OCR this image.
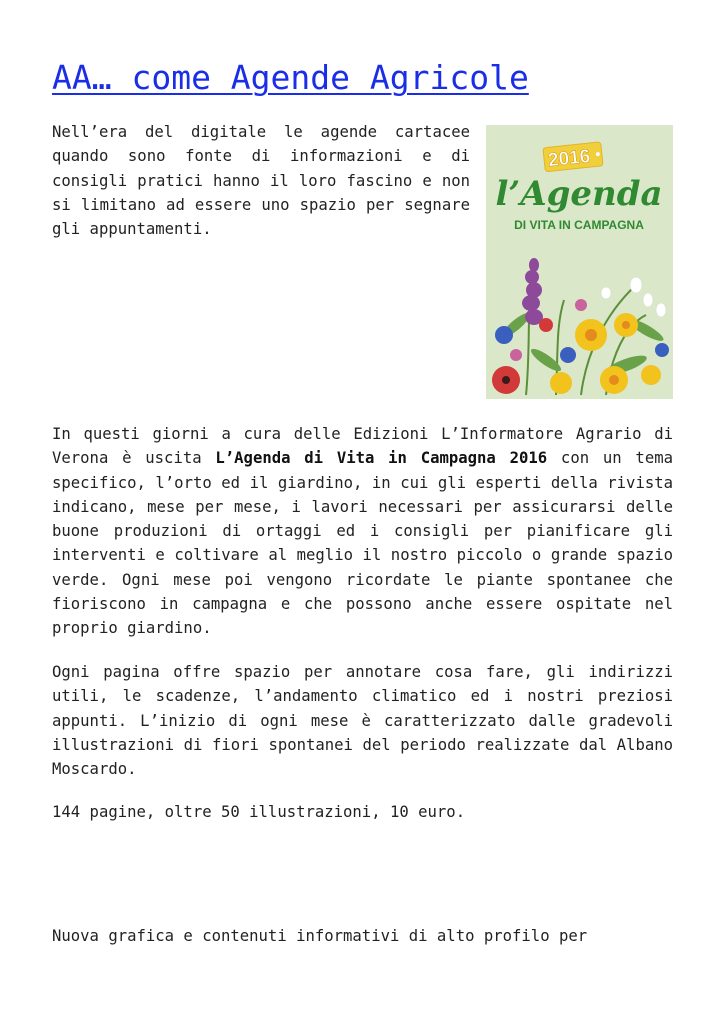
AA… come Agende Agricole

Nell’era del digitale le agende cartacee quando sono fonte di informazioni e di consigli pratici hanno il loro fascino e non si limitano ad essere uno spazio per segnare gli appuntamenti.

2016
l’Agenda
DI VITA IN CAMPAGNA

In questi giorni a cura delle Edizioni L’Informatore Agrario di Verona è uscita L’Agenda di Vita in Campagna 2016 con un tema specifico, l’orto ed il giardino, in cui gli esperti della rivista indicano, mese per mese, i lavori necessari per assicurarsi delle buone produzioni di ortaggi ed i consigli per pianificare gli interventi e coltivare al meglio il nostro piccolo o grande spazio verde. Ogni mese poi vengono ricordate le piante spontanee che fioriscono in campagna e che possono anche essere ospitate nel proprio giardino.

Ogni pagina offre spazio per annotare cosa fare, gli indirizzi utili, le scadenze, l’andamento climatico ed i nostri preziosi appunti. L’inizio di ogni mese è caratterizzato dalle gradevoli illustrazioni di fiori spontanei del periodo realizzate dal Albano Moscardo.

144 pagine, oltre 50 illustrazioni, 10 euro.

Nuova grafica e contenuti informativi di alto profilo per
